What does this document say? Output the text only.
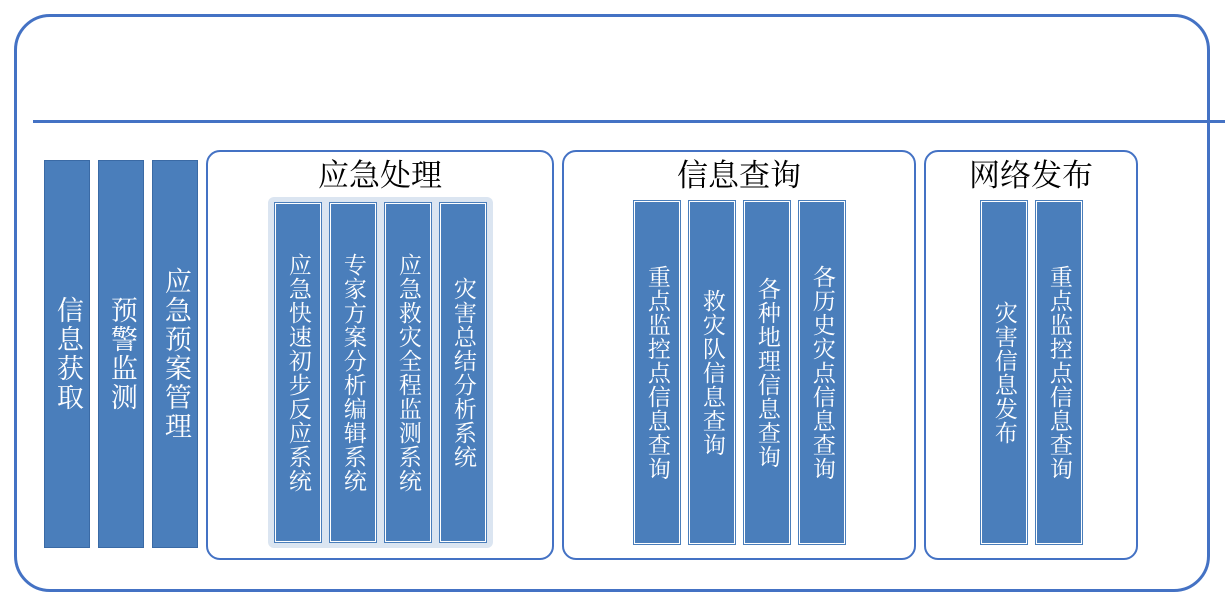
信息获取 预警监测 应急预案管理
应急处理
应急快速初步反应系统 专家方案分析编辑系统 应急救灾全程监测系统 灾害总结分析系统
信息查询
重点监控点信息查询 救灾队信息查询 各种地理信息查询 各历史灾点信息查询
网络发布
灾害信息发布 重点监控点信息查询
